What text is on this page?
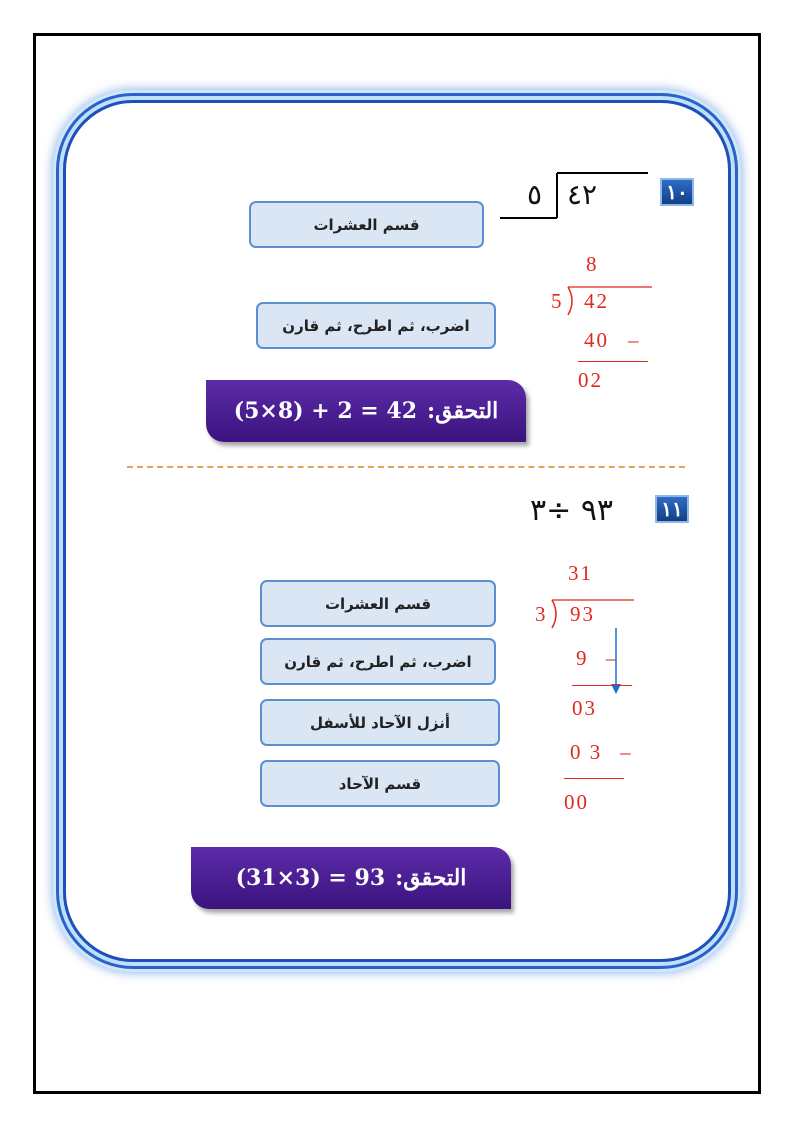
١٠
٤٢
٥
قسم العشرات
اضرب، ثم اطرح، ثم قارن
8
5 42
40 –
02
التحقق:
(5×8) + 2 = 42
١١
٩٣ ÷٣
31
3 93
9 –
03
0 3 –
00
قسم العشرات
اضرب، ثم اطرح، ثم قارن
أنزل الآحاد للأسفل
قسم الآحاد
التحقق:
(31×3) = 93
